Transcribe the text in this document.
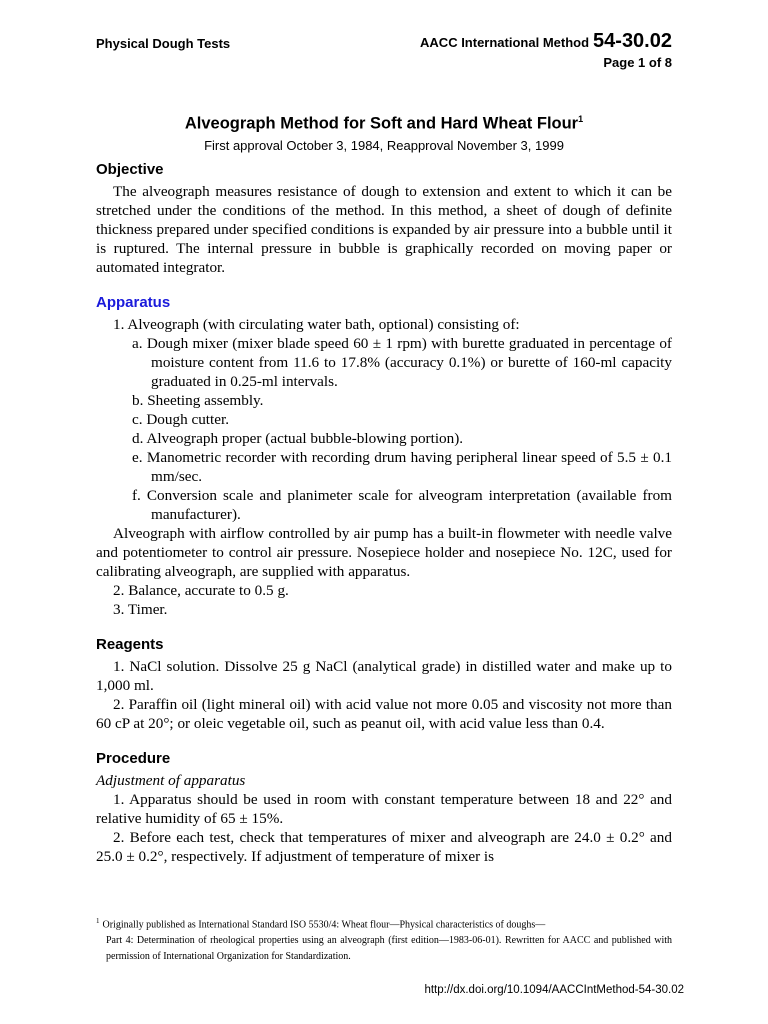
Physical Dough Tests	AACC International Method 54-30.02
Page 1 of 8
Alveograph Method for Soft and Hard Wheat Flour$^1$
First approval October 3, 1984, Reapproval November 3, 1999
Objective

The alveograph measures resistance of dough to extension and extent to which it can be stretched under the conditions of the method. In this method, a sheet of dough of definite thickness prepared under specified conditions is expanded by air pressure into a bubble until it is ruptured. The internal pressure in bubble is graphically recorded on moving paper or automated integrator.

Apparatus

1. Alveograph (with circulating water bath, optional) consisting of:

a. Dough mixer (mixer blade speed 60 ± 1 rpm) with burette graduated in percentage of moisture content from 11.6 to 17.8% (accuracy 0.1%) or burette of 160-ml capacity graduated in 0.25-ml intervals.

b. Sheeting assembly.

c. Dough cutter.

d. Alveograph proper (actual bubble-blowing portion).

e. Manometric recorder with recording drum having peripheral linear speed of 5.5 ± 0.1 mm/sec.

f. Conversion scale and planimeter scale for alveogram interpretation (available from manufacturer).

Alveograph with airflow controlled by air pump has a built-in flowmeter with needle valve and potentiometer to control air pressure. Nosepiece holder and nosepiece No. 12C, used for calibrating alveograph, are supplied with apparatus.

2. Balance, accurate to 0.5 g.

3. Timer.

Reagents

1. NaCl solution. Dissolve 25 g NaCl (analytical grade) in distilled water and make up to 1,000 ml.

2. Paraffin oil (light mineral oil) with acid value not more 0.05 and viscosity not more than 60 cP at 20°; or oleic vegetable oil, such as peanut oil, with acid value less than 0.4.

Procedure

Adjustment of apparatus

1. Apparatus should be used in room with constant temperature between 18 and 22° and relative humidity of 65 ± 15%.

2. Before each test, check that temperatures of mixer and alveograph are 24.0 ± 0.2° and 25.0 ± 0.2°, respectively. If adjustment of temperature of mixer is

$^1$ Originally published as International Standard ISO 5530/4: Wheat flour—Physical characteristics of doughs—
Part 4: Determination of rheological properties using an alveograph (first edition—1983-06-01). Rewritten for AACC and published with permission of International Organization for Standardization.
http://dx.doi.org/10.1094/AACCIntMethod-54-30.02
